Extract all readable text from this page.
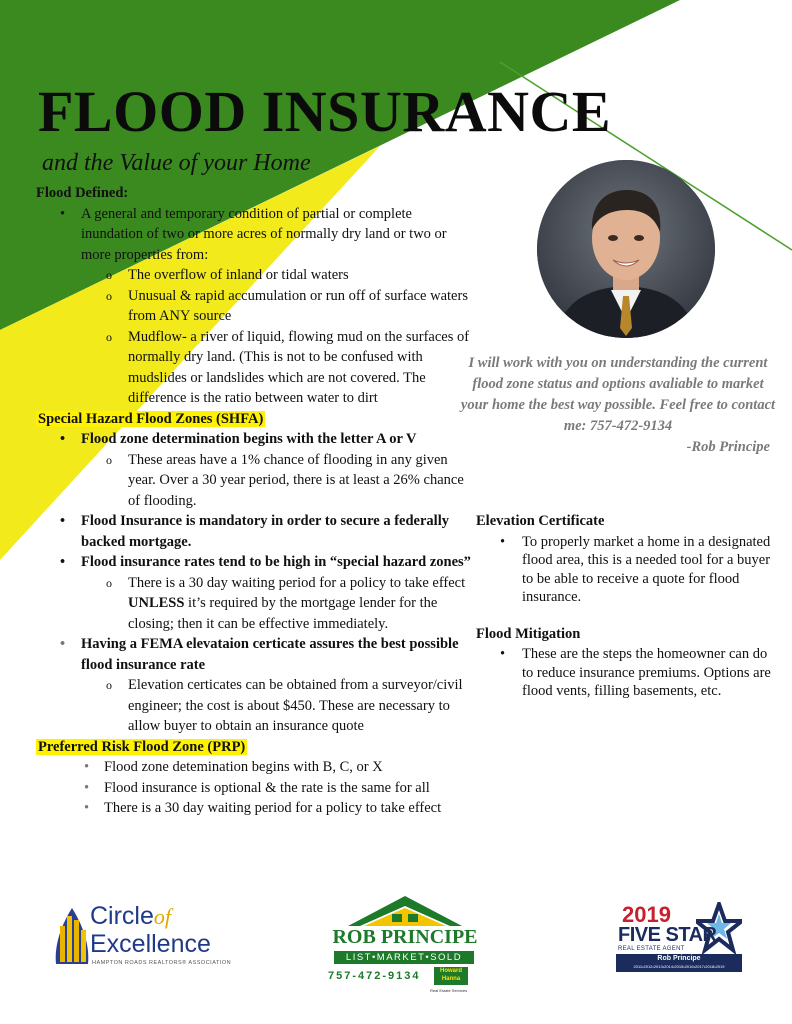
FLOOD INSURANCE
and the Value of your Home
Flood Defined:
• A general and temporary condition of partial or complete inundation of two or more acres of normally dry land or two or more properties from:
o The overflow of inland or tidal waters
o Unusual & rapid accumulation or run off of surface waters from ANY source
o Mudflow- a river of liquid, flowing mud on the surfaces of normally dry land. (This is not to be confused with mudslides or landslides which are not covered. The difference is the ratio between water to dirt
Special Hazard Flood Zones (SHFA)
• Flood zone determination begins with the letter A or V
o These areas have a 1% chance of flooding in any given year. Over a 30 year period, there is at least a 26% chance of flooding.
• Flood Insurance is mandatory in order to secure a federally backed mortgage.
• Flood insurance rates tend to be high in “special hazard zones”
o There is a 30 day waiting period for a policy to take effect UNLESS it’s required by the mortgage lender for the closing; then it can be effective immediately.
• Having a FEMA elevataion certicate assures the best possible flood insurance rate
o Elevation certicates can be obtained from a surveyor/civil engineer; the cost is about $450. These are necessary to allow buyer to obtain an insurance quote
Preferred Risk Flood Zone (PRP)
• Flood zone detemination begins with B, C, or X
• Flood insurance is optional & the rate is the same for all
• There is a 30 day waiting period for a policy to take effect
I will work with you on understanding the current flood zone status and options avaliable to market your home the best way possible. Feel free to contact me: 757-472-9134
-Rob Principe
Elevation Certificate
• To properly market a home in a designated flood area, this is a needed tool for a buyer to be able to receive a quote for flood insurance.
Flood Mitigation
• These are the steps the homeowner can do to reduce insurance premiums. Options are flood vents, filling basements, etc.
Circleof
Excellence
HAMPTON ROADS REALTORS® ASSOCIATION
ROB PRINCIPE
LIST•MARKET•SOLD
757-472-9134	Howard Hanna
Real Estate Services
2019
FIVE STAR
REAL ESTATE AGENT
Rob Principe
2011•2012•2013•2014•2015•2016•2017•2018•2019
